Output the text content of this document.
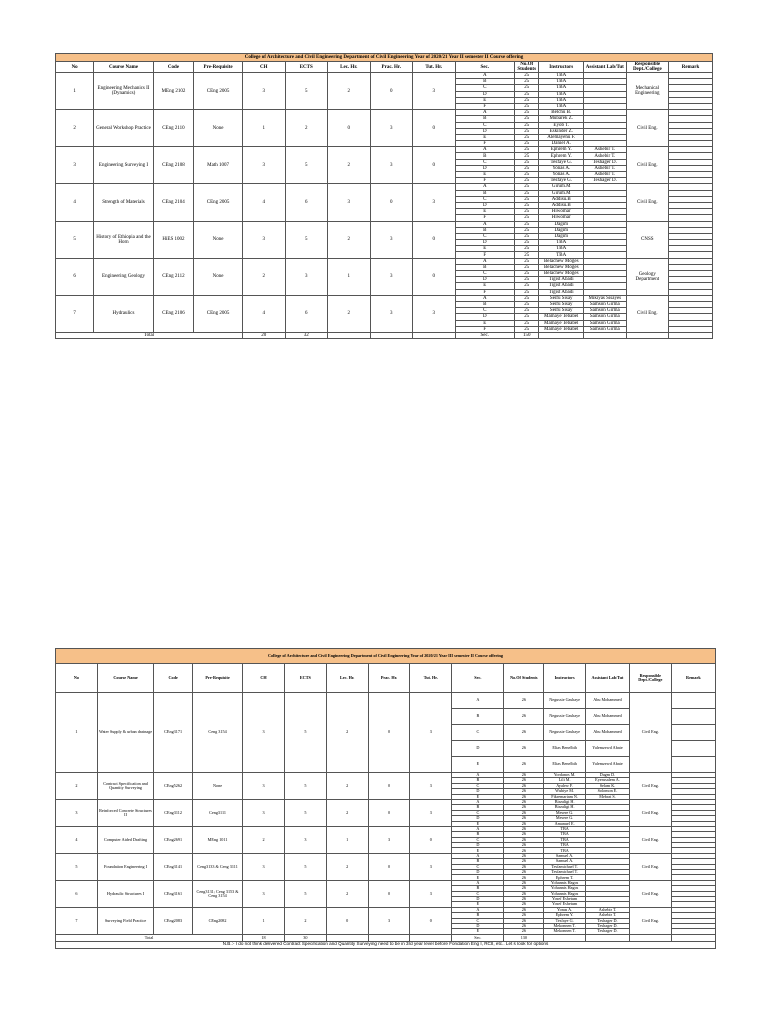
College of Architecture and Civil Engineering Department of Civil Engineering Year of 2020/21 Year II semester II Course offering														
No	Course Name	Code	Pre-Requisite	CH	ECTS	Lec. Hr.	Prac. Hr.	Tut. Hr.	Sec.	No.Of Students	Instructors	Assistant Lab/Tut	Responsible Dept./College	Remark
1	Engineering Mechanics II (Dynamics)	MEng 2102	CEng 2005	3	5	2	0	3	A	25	TBA		Mechanical Engineering	
									B	25	TBA			
									C	25	TBA			
									D	25	TBA			
									E	25	TBA			
									F	25	TBA			
2	General Workshop Practice	CEng 2110	None	1	2	0	3	0	A	25	Belchu B.		Civil Eng.	
									B	25	Mubarek Z.			
									C	25	Eyob T.			
									D	25	Eskinder Z.			
									E	25	Alemayehu F.			
									F	25	Daniel A.			
3	Engineering Surveying I	CEng 2108	Math 1007	3	5	2	3	0	A	25	Ephrem Y.	Ashebir T.	Civil Eng.	
									B	25	Ephrem Y.	Ashebir T.		
									C	25	Tesfaye G.	Teshager D.		
									D	25	Yonas A.	Ashebir T.		
									E	25	Yonas A.	Ashebir T.		
									F	25	Tesfaye G.	Teshager D.		
4	Strength of Materials	CEng 2104	CEng 2005	4	6	3	0	3	A	25	Girum.M		Civil Eng.	
									B	25	Girum.M			
									C	25	Addisu.B			
									D	25	Addisu.B			
									E	25	Hiwomar			
									F	25	Hiwomar			
5	History of Ethiopia and the Horn	HiES 1002	None	3	5	2	3	0	A	25	Dagim		CNSS	
									B	25	Dagim			
									C	25	Dagim			
									D	25	TBA			
									E	25	TBA			
									F	25	TBA			
6	Engineering Geology	CEng 2112	None	2	3	1	3	0	A	25	Belachew Moges		Geology Department	
									B	25	Belachew Moges			
									C	25	Belachew Moges			
									D	25	Tigist Abadi			
									E	25	Tigist Abadi			
									F	25	Tigist Abadi			
7	Hydraulics	CEng 2106	CEng 2005	4	6	2	3	3	A	25	Seifu Sisay	Mikiyas Sisayes	Civil Eng.	
									B	25	Seifu Sisay	Samson Girma		
									C	25	Seifu Sisay	Samson Girma		
									D	25	Mamaye Tebabel	Samson Girma		
									E	25	Mamaye Tebabel	Samson Girma		
									F	25	Mamaye Tebabel	Samson Girma		
Total				20	32				Sec.	150				
College of Architecture and Civil Engineering Department of Civil Engineering Year of 2020/21 Year III semester II Course offering														
No	Course Name	Code	Pre-Requisite	CH	ECTS	Lec. Hr.	Prac. Hr.	Tut. Hr.	Sec.	No.Of Students	Instructors	Assistant Lab/Tut	Responsible Dept./College	Remark
1	Water Supply & urban drainage	CEng3171	Ceng 3154	3	5	2	0	3	A	26	Negussie Gashaye	Abu Mohammed	Civil Eng.	
									B	26	Negussie Gashaye	Abu Mohammed		
									C	26	Negussie Gashaye	Abu Mohammed		
									D	26	Elias Benelbih	Yalemzewd Abate		
									E	26	Elias Benelbih	Yalemzewd Abate		
2	Contract Specification and Quantity Surveying	CEng5262	None	3	5	2	0	3	A	26	Yordanos M.	Dagm D.	Civil Eng.	
									B	26	Lili M.	Eyerusalem A.		
									C	26	Ayalew F.	Selam K.		
									D	26	Wubiye M.	Solomon E.		
									E	26	Fikremariam N.	Mebrat S.		
3	Reinforced Concrete Structures II	CEng3112	Ceng3111	3	5	2	0	3	A	26	Birzaligi H.		Civil Eng.	
									B	26	Birzaligi H.			
									C	26	Mesere G.			
									D	26	Mesere G.			
									E	26	Amanuel E.			
4	Computer Aided Drafting	CEng2691	MEng 1011	2	3	1	3	0	A	26	TBA		Civil Eng.	
									B	26	TBA			
									C	26	TBA			
									D	26	TBA			
									E	26	TBA			
5	Foundation Engineering I	CEng3141	Ceng3133 & Ceng 3111	3	5	2	0	3	A	26	Samuel A.		Civil Eng.	
									B	26	Samuel A.			
									C	26	Tesfamichael T.			
									D	26	Tesfamichael T.			
									E	26	Ephrem T.			
6	Hydraulic Structures I	CEng3161	Ceng3131; Ceng 3153 & Ceng 3154	3	5	2	0	3	A	26	Yohannis Hagos		Civil Eng.	
									B	26	Yohannis Hagos			
									C	26	Yohannis Hagos			
									D	26	Yosef Eshetum			
									E	26	Yosef Eshetum			
7	Surveying Field Practice	CEng2083	CEng2082	1	2	0	3	0	A	26	Yonas A.	Ashebir T.	Civil Eng.	
									B	26	Ephrem Y.	Ashebir T.		
									C	26	Tesfaye G.	Teshager D.		
									D	26	Mekonnen T.	Teshager D.		
									E	26	Mekonnen T.	Teshager D.		
Total				18	30				Sec.	130				
N.B.:- I do not think delivered Contract Specification and Quantity Surveying need to be in 3rd year level before Fondation Eng I, RCII, etc.. Let s look for options														
